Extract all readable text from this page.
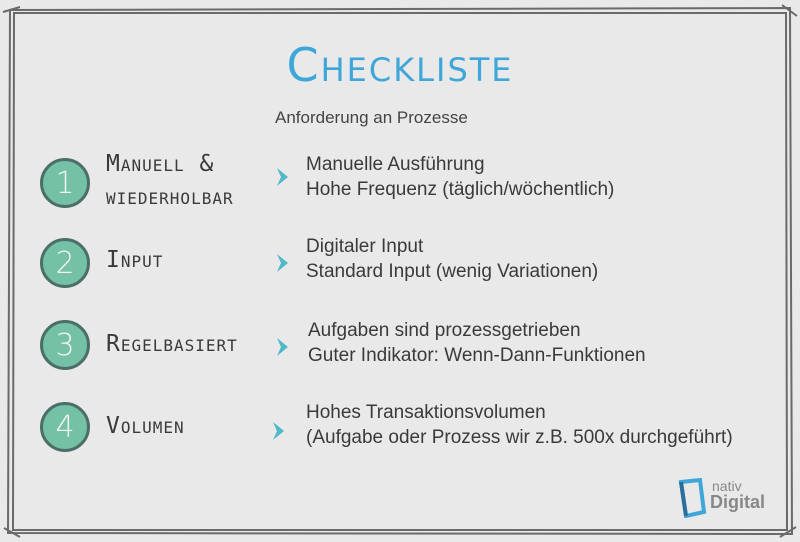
Checkliste
Anforderung an Prozesse
1
Manuell &
wiederholbar
Manuelle Ausführung
Hohe Frequenz (täglich/wöchentlich)
2	Input
Digitaler Input
Standard Input (wenig Variationen)
3	Regelbasiert
Aufgaben sind prozessgetrieben
Guter Indikator: Wenn-Dann-Funktionen
4	Volumen
Hohes Transaktionsvolumen
(Aufgabe oder Prozess wir z.B. 500x durchgeführt)
nativ
Digital
